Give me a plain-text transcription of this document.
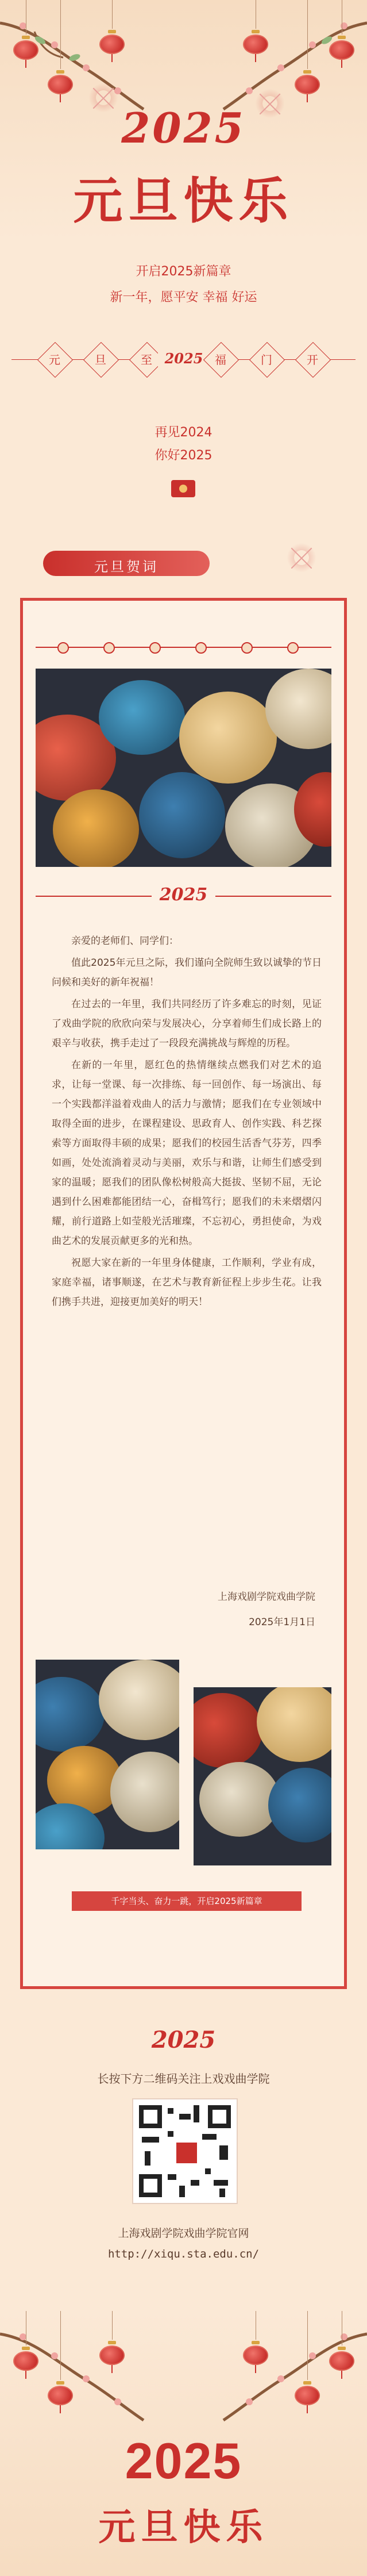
2025
元旦快乐
开启2025新篇章
新一年，愿平安 幸福 好运
元	旦	至 2025	福	门	开
再见2024
你好2025
元旦贺词
2025

亲爱的老师们、同学们：

值此2025年元旦之际，我们谨向全院师生致以诚挚的节日问候和美好的新年祝福！

在过去的一年里，我们共同经历了许多难忘的时刻，见证了戏曲学院的欣欣向荣与发展决心，分享着师生们成长路上的艰辛与收获，携手走过了一段段充满挑战与辉煌的历程。

在新的一年里，愿红色的热情继续点燃我们对艺术的追求，让每一堂课、每一次排练、每一回创作、每一场演出、每一个实践都洋溢着戏曲人的活力与激情；愿我们在专业领域中取得全面的进步，在课程建设、思政育人、创作实践、科艺探索等方面取得丰硕的成果；愿我们的校园生活香气芬芳，四季如画，处处流淌着灵动与美丽，欢乐与和谐，让师生们感受到家的温暖；愿我们的团队像松树般高大挺拔、坚韧不屈，无论遇到什么困难都能团结一心，奋楫笃行；愿我们的未来熠熠闪耀，前行道路上如莹般光活璀璨，不忘初心，勇担使命，为戏曲艺术的发展贡献更多的光和热。

祝愿大家在新的一年里身体健康，工作顺利，学业有成，家庭幸福，诸事顺遂，在艺术与教育新征程上步步生花。让我们携手共进，迎接更加美好的明天！

上海戏剧学院戏曲学院
2025年1月1日
千字当头、奋力一跳，开启2025新篇章
2025
长按下方二维码关注上戏戏曲学院
上海戏剧学院戏曲学院官网
http://xiqu.sta.edu.cn/
2025
元旦快乐
